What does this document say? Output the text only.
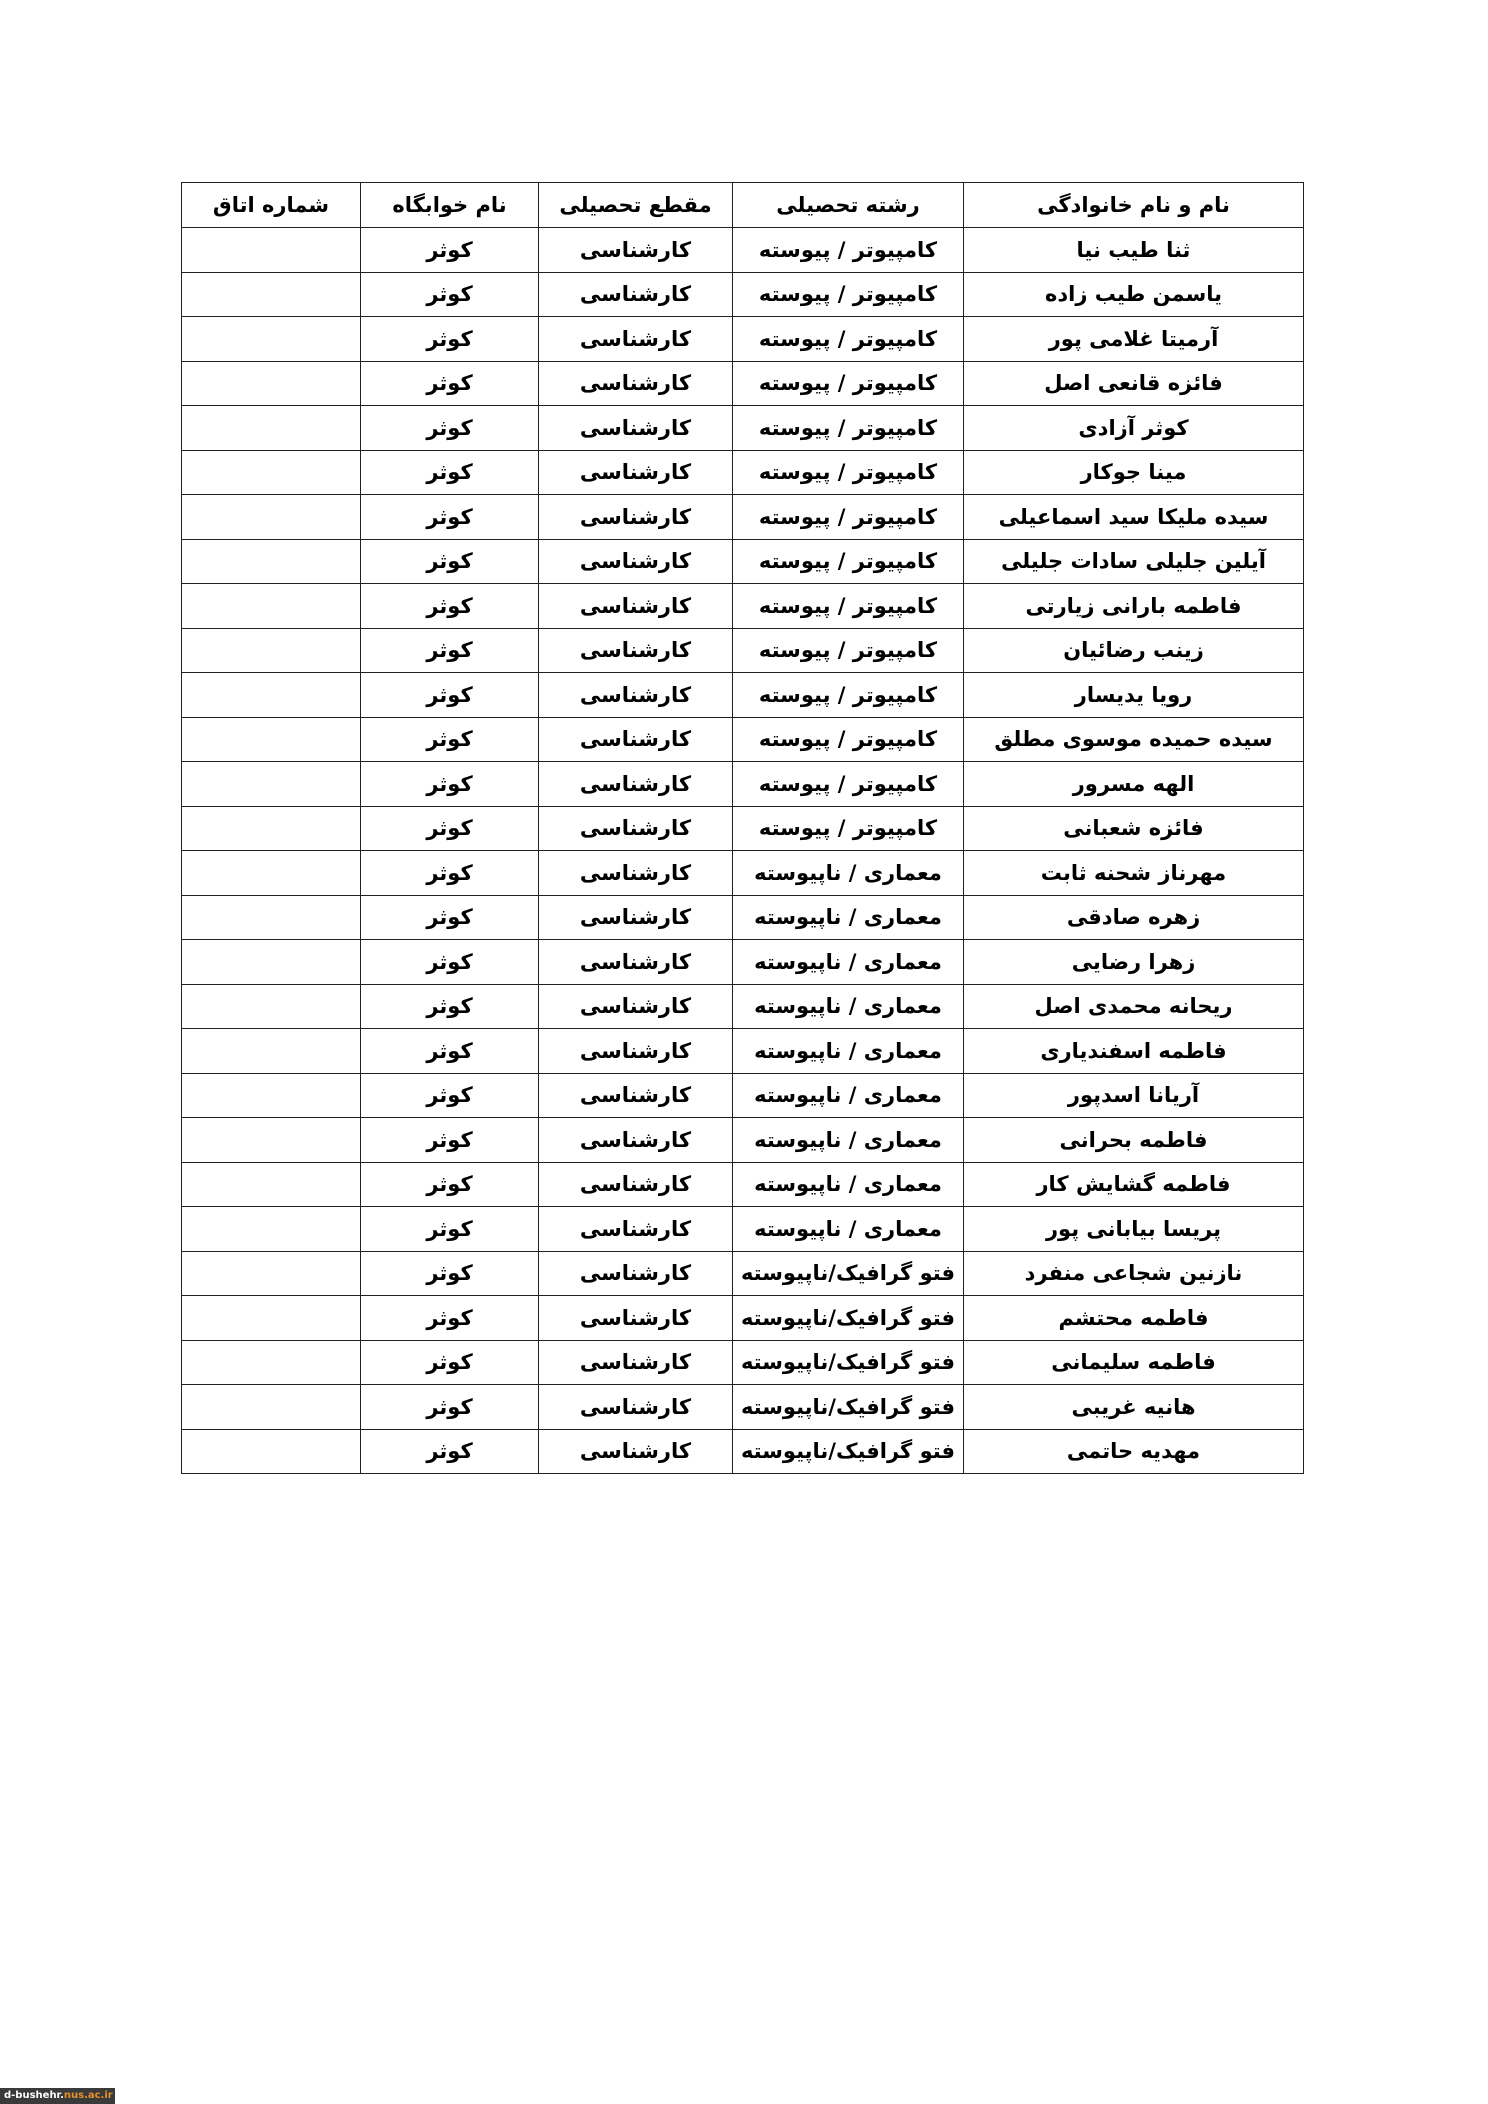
نام و نام خانوادگی	رشته تحصیلی	مقطع تحصیلی	نام خوابگاه	شماره اتاق
ثنا طیب نیا	کامپیوتر / پیوسته	کارشناسی	کوثر	
یاسمن طیب زاده	کامپیوتر / پیوسته	کارشناسی	کوثر	
آرمیتا غلامی پور	کامپیوتر / پیوسته	کارشناسی	کوثر	
فائزه قانعی اصل	کامپیوتر / پیوسته	کارشناسی	کوثر	
کوثر آزادی	کامپیوتر / پیوسته	کارشناسی	کوثر	
مینا جوکار	کامپیوتر / پیوسته	کارشناسی	کوثر	
سیده ملیکا سید اسماعیلی	کامپیوتر / پیوسته	کارشناسی	کوثر	
آیلین جلیلی سادات جلیلی	کامپیوتر / پیوسته	کارشناسی	کوثر	
فاطمه بارانی زیارتی	کامپیوتر / پیوسته	کارشناسی	کوثر	
زینب رضائیان	کامپیوتر / پیوسته	کارشناسی	کوثر	
رویا یدیسار	کامپیوتر / پیوسته	کارشناسی	کوثر	
سیده حمیده موسوی مطلق	کامپیوتر / پیوسته	کارشناسی	کوثر	
الهه مسرور	کامپیوتر / پیوسته	کارشناسی	کوثر	
فائزه شعبانی	کامپیوتر / پیوسته	کارشناسی	کوثر	
مهرناز شحنه ثابت	معماری / ناپیوسته	کارشناسی	کوثر	
زهره صادقی	معماری / ناپیوسته	کارشناسی	کوثر	
زهرا رضایی	معماری / ناپیوسته	کارشناسی	کوثر	
ریحانه محمدی اصل	معماری / ناپیوسته	کارشناسی	کوثر	
فاطمه اسفندیاری	معماری / ناپیوسته	کارشناسی	کوثر	
آریانا اسدپور	معماری / ناپیوسته	کارشناسی	کوثر	
فاطمه بحرانی	معماری / ناپیوسته	کارشناسی	کوثر	
فاطمه گشایش کار	معماری / ناپیوسته	کارشناسی	کوثر	
پریسا بیابانی پور	معماری / ناپیوسته	کارشناسی	کوثر	
نازنین شجاعی منفرد	فتو گرافیک/ناپیوسته	کارشناسی	کوثر	
فاطمه محتشم	فتو گرافیک/ناپیوسته	کارشناسی	کوثر	
فاطمه سلیمانی	فتو گرافیک/ناپیوسته	کارشناسی	کوثر	
هانیه غریبی	فتو گرافیک/ناپیوسته	کارشناسی	کوثر	
مهدیه حاتمی	فتو گرافیک/ناپیوسته	کارشناسی	کوثر	
d-bushehr.nus.ac.ir
